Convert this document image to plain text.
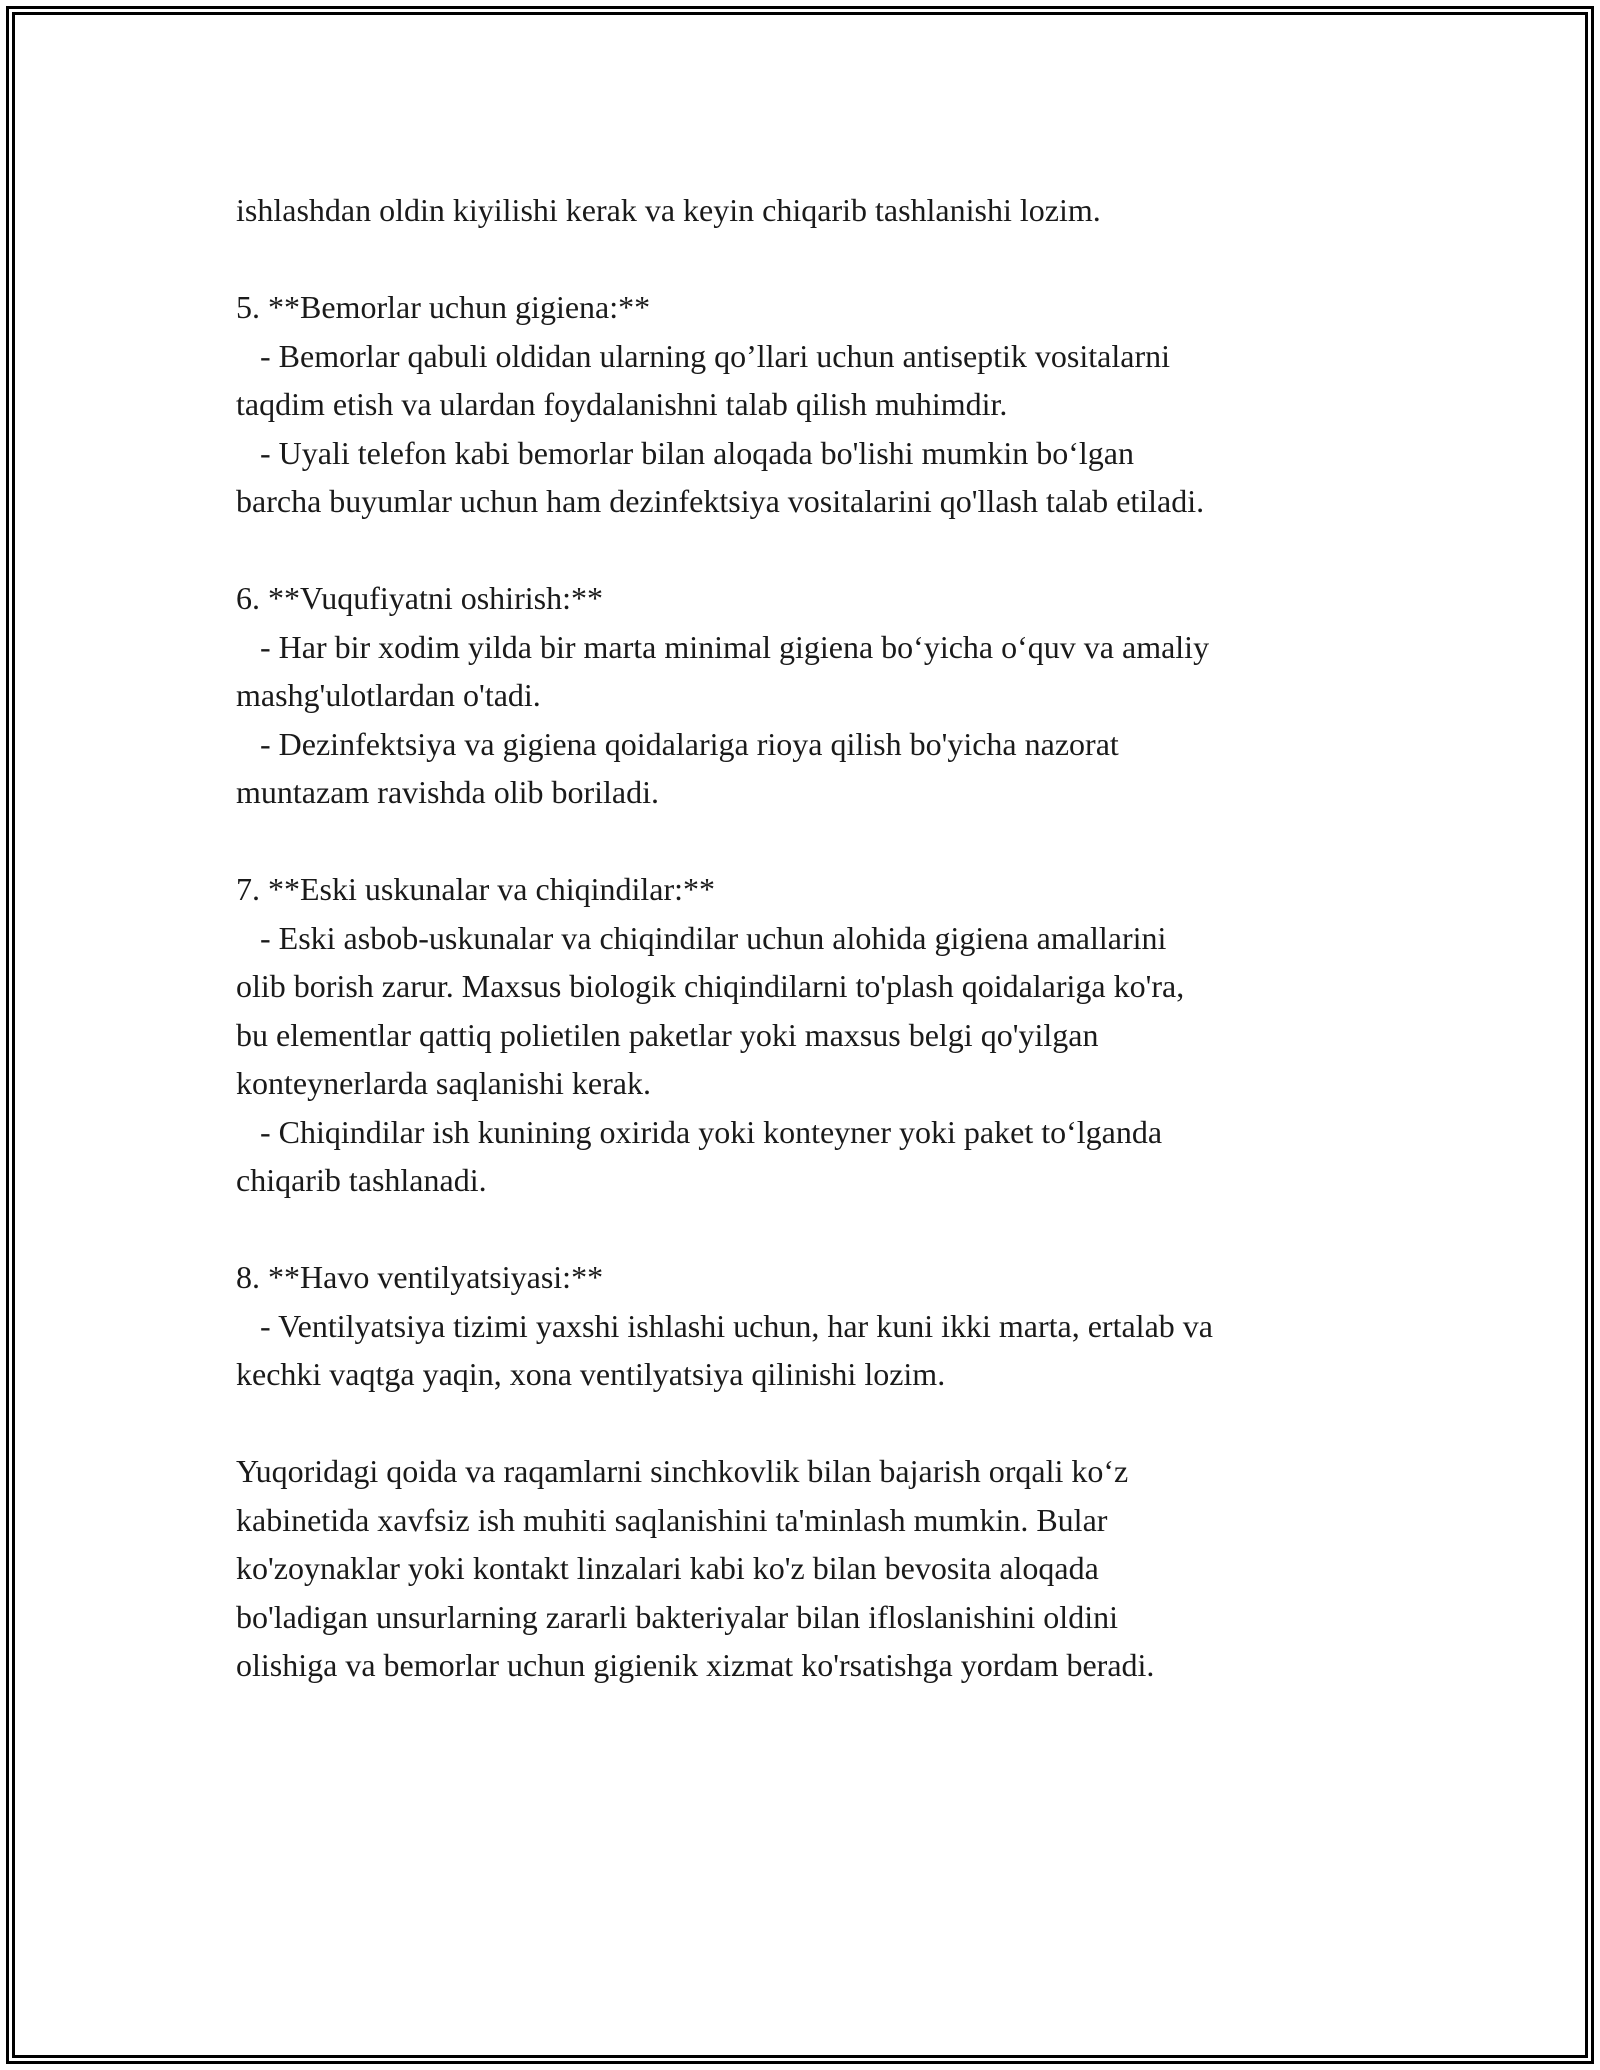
ishlashdan oldin kiyilishi kerak va keyin chiqarib tashlanishi lozim.
5. **Bemorlar uchun gigiena:**
- Bemorlar qabuli oldidan ularning qo’llari uchun antiseptik vositalarni
taqdim etish va ulardan foydalanishni talab qilish muhimdir.
- Uyali telefon kabi bemorlar bilan aloqada bo'lishi mumkin bo‘lgan
barcha buyumlar uchun ham dezinfektsiya vositalarini qo'llash talab etiladi.
6. **Vuqufiyatni oshirish:**
- Har bir xodim yilda bir marta minimal gigiena bo‘yicha o‘quv va amaliy
mashg'ulotlardan o'tadi.
- Dezinfektsiya va gigiena qoidalariga rioya qilish bo'yicha nazorat
muntazam ravishda olib boriladi.
7. **Eski uskunalar va chiqindilar:**
- Eski asbob-uskunalar va chiqindilar uchun alohida gigiena amallarini
olib borish zarur. Maxsus biologik chiqindilarni to'plash qoidalariga ko'ra,
bu elementlar qattiq polietilen paketlar yoki maxsus belgi qo'yilgan
konteynerlarda saqlanishi kerak.
- Chiqindilar ish kunining oxirida yoki konteyner yoki paket to‘lganda
chiqarib tashlanadi.
8. **Havo ventilyatsiyasi:**
- Ventilyatsiya tizimi yaxshi ishlashi uchun, har kuni ikki marta, ertalab va
kechki vaqtga yaqin, xona ventilyatsiya qilinishi lozim.
Yuqoridagi qoida va raqamlarni sinchkovlik bilan bajarish orqali ko‘z
kabinetida xavfsiz ish muhiti saqlanishini ta'minlash mumkin. Bular
ko'zoynaklar yoki kontakt linzalari kabi ko'z bilan bevosita aloqada
bo'ladigan unsurlarning zararli bakteriyalar bilan ifloslanishini oldini
olishiga va bemorlar uchun gigienik xizmat ko'rsatishga yordam beradi.
